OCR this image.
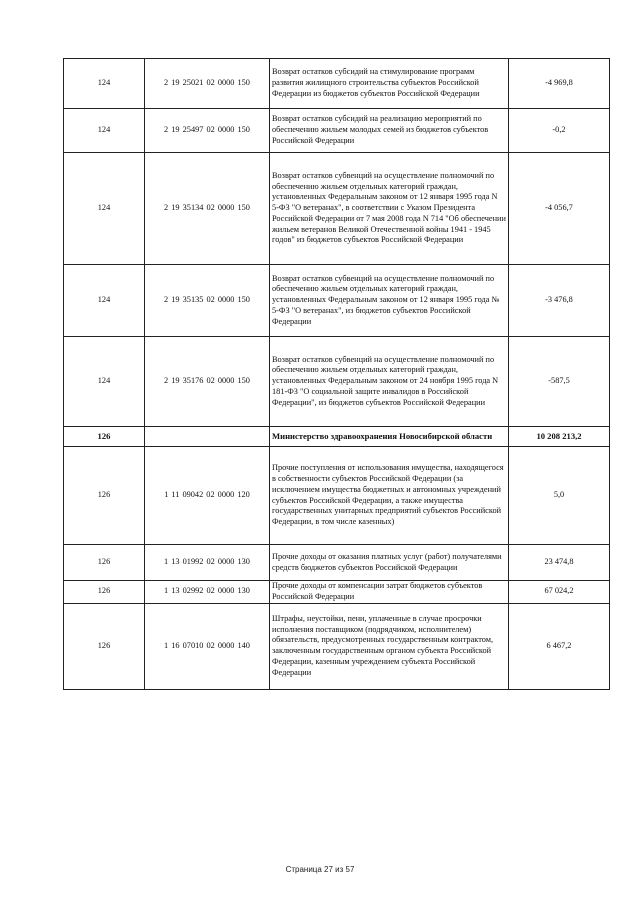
124	2 19 25021 02 0000 150	Возврат остатков субсидий на стимулирование программ развития жилищного строительства субъектов Российской Федерации из бюджетов субъектов Российской Федерации	-4 969,8
124	2 19 25497 02 0000 150	Возврат остатков субсидий на реализацию мероприятий по обеспечению жильем молодых семей из бюджетов субъектов Российской Федерации	-0,2
124	2 19 35134 02 0000 150	Возврат остатков субвенций на осуществление полномочий по обеспечению жильем отдельных категорий граждан, установленных Федеральным законом от 12 января 1995 года N 5-ФЗ "О ветеранах", в соответствии с Указом Президента Российской Федерации от 7 мая 2008 года N 714 "Об обеспечении жильем ветеранов Великой Отечественной войны 1941 - 1945 годов" из бюджетов субъектов Российской Федерации	-4 056,7
124	2 19 35135 02 0000 150	Возврат остатков субвенций на осуществление полномочий по обеспечению жильем отдельных категорий граждан, установленных Федеральным законом от 12 января 1995 года № 5-ФЗ "О ветеранах", из бюджетов субъектов Российской Федерации	-3 476,8
124	2 19 35176 02 0000 150	Возврат остатков субвенций на осуществление полномочий по обеспечению жильем отдельных категорий граждан, установленных Федеральным законом от 24 ноября 1995 года N 181-ФЗ "О социальной защите инвалидов в Российской Федерации", из бюджетов субъектов Российской Федерации	-587,5
126		Министерство здравоохранения Новосибирской области	10 208 213,2
126	1 11 09042 02 0000 120	Прочие поступления от использования имущества, находящегося в собственности субъектов Российской Федерации (за исключением имущества бюджетных и автономных учреждений субъектов Российской Федерации, а также имущества государственных унитарных предприятий субъектов Российской Федерации, в том числе казенных)	5,0
126	1 13 01992 02 0000 130	Прочие доходы от оказания платных услуг (работ) получателями средств бюджетов субъектов Российской Федерации	23 474,8
126	1 13 02992 02 0000 130	Прочие доходы от компенсации затрат бюджетов субъектов Российской Федерации	67 024,2
126	1 16 07010 02 0000 140	Штрафы, неустойки, пени, уплаченные в случае просрочки исполнения поставщиком (подрядчиком, исполнителем) обязательств, предусмотренных государственным контрактом, заключенным государственным органом субъекта Российской Федерации, казенным учреждением субъекта Российской Федерации	6 467,2
Страница 27 из 57
